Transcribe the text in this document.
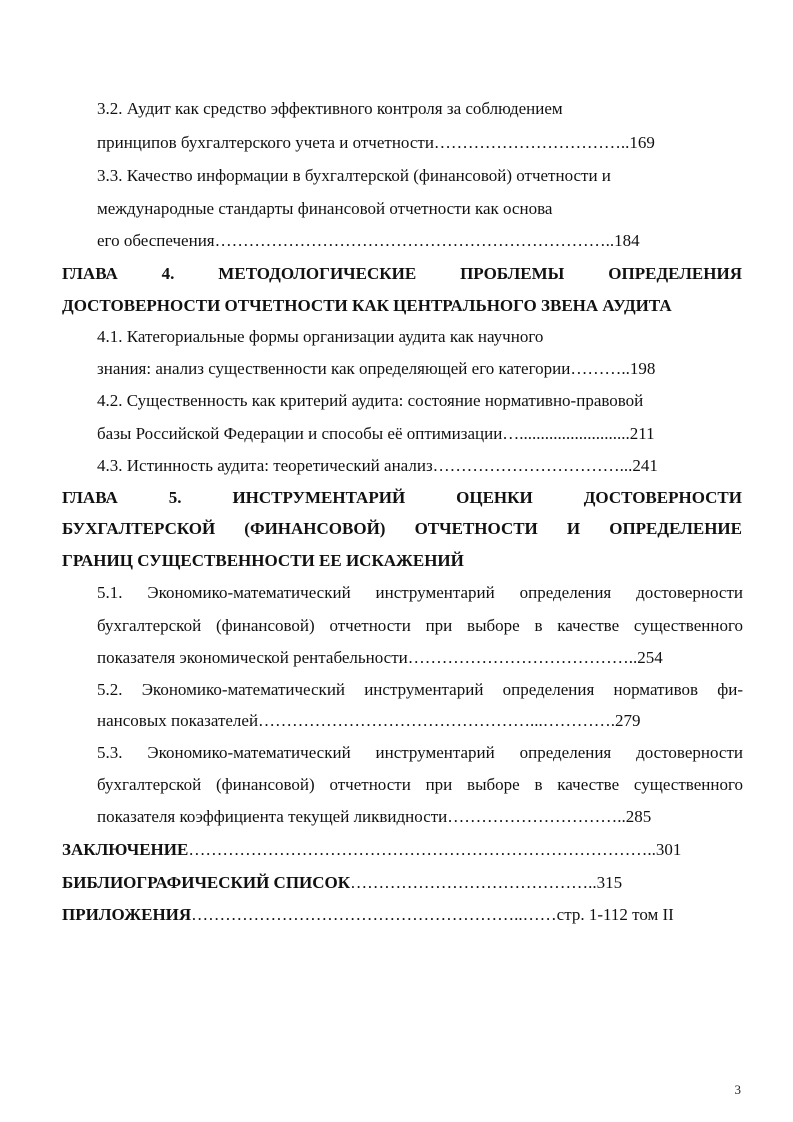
3.2. Аудит как средство эффективного контроля за соблюдением
принципов бухгалтерского учета и отчетности……………………………..169
3.3. Качество информации в бухгалтерской (финансовой) отчетности и
международные стандарты финансовой отчетности как основа
его обеспечения……………………………………………………………..184
ГЛАВА 4. МЕТОДОЛОГИЧЕСКИЕ ПРОБЛЕМЫ ОПРЕДЕЛЕНИЯ
ДОСТОВЕРНОСТИ ОТЧЕТНОСТИ КАК ЦЕНТРАЛЬНОГО ЗВЕНА АУДИТА
4.1. Категориальные формы организации аудита как научного
знания: анализ существенности как определяющей его категории………..198
4.2. Существенность как критерий аудита: состояние нормативно-правовой
базы Российской Федерации и способы её оптимизации…..........................211
4.3. Истинность аудита: теоретический анализ……………………………...241
ГЛАВА 5. ИНСТРУМЕНТАРИЙ ОЦЕНКИ ДОСТОВЕРНОСТИ
БУХГАЛТЕРСКОЙ (ФИНАНСОВОЙ) ОТЧЕТНОСТИ И ОПРЕДЕЛЕНИЕ
ГРАНИЦ СУЩЕСТВЕННОСТИ ЕЕ ИСКАЖЕНИЙ
5.1. Экономико-математический инструментарий определения достоверности
бухгалтерской (финансовой) отчетности при выборе в качестве существенного
показателя экономической рентабельности…………………………………..254
5.2. Экономико-математический инструментарий определения нормативов фи-
нансовых показателей…………………………………………...………….279
5.3. Экономико-математический инструментарий определения достоверности
бухгалтерской (финансовой) отчетности при выборе в качестве существенного
показателя коэффициента текущей ликвидности…………………………..285
ЗАКЛЮЧЕНИЕ………………………………………………………………………..301
БИБЛИОГРАФИЧЕСКИЙ СПИСОК……………………………………..315
ПРИЛОЖЕНИЯ…………………………………………………..……стр. 1-112 том II
3
